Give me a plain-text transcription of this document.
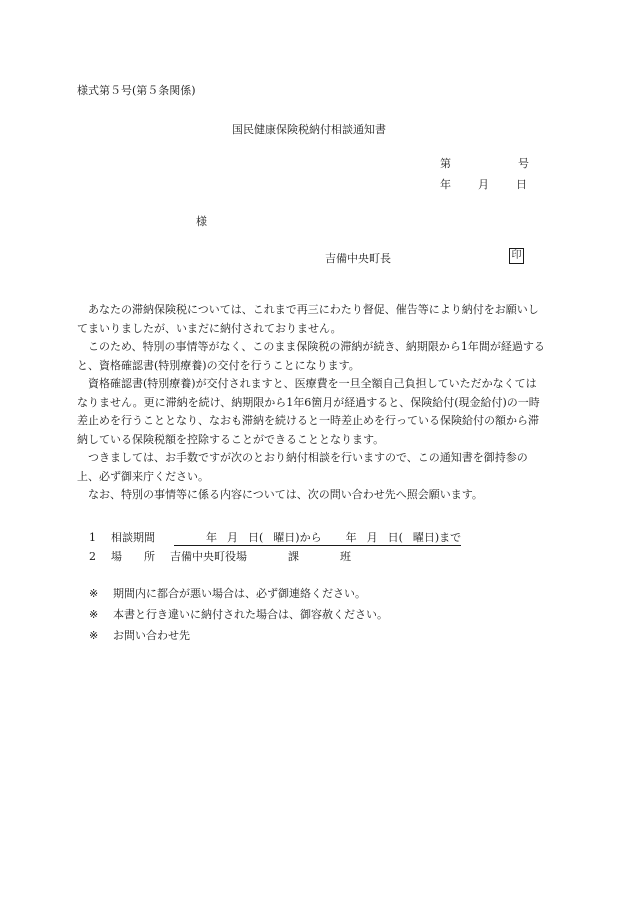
様式第５号(第５条関係)
国民健康保険税納付相談通知書
第	号
年 月 日
様
吉備中央町長	印

あなたの滞納保険税については、これまで再三にわたり督促、催告等により納付をお願いしてまいりましたが、いまだに納付されておりません。

このため、特別の事情等がなく、このまま保険税の滞納が続き、納期限から1年間が経過すると、資格確認書(特別療養)の交付を行うことになります。

資格確認書(特別療養)が交付されますと、医療費を一旦全額自己負担していただかなくてはなりません。更に滞納を続け、納期限から1年6箇月が経過すると、保険給付(現金給付)の一時差止めを行うこととなり、なおも滞納を続けると一時差止めを行っている保険給付の額から滞納している保険税額を控除することができることとなります。

つきましては、お手数ですが次のとおり納付相談を行いますので、この通知書を御持参の上、必ず御来庁ください。

なお、特別の事情等に係る内容については、次の問い合わせ先へ照会願います。

1 相談期間	年 月 日( 曜日)から 年 月 日( 曜日)まで
2 場　　所 吉備中央町役場	課	班
※ 期間内に都合が悪い場合は、必ず御連絡ください。
※ 本書と行き違いに納付された場合は、御容赦ください。
※ お問い合わせ先
